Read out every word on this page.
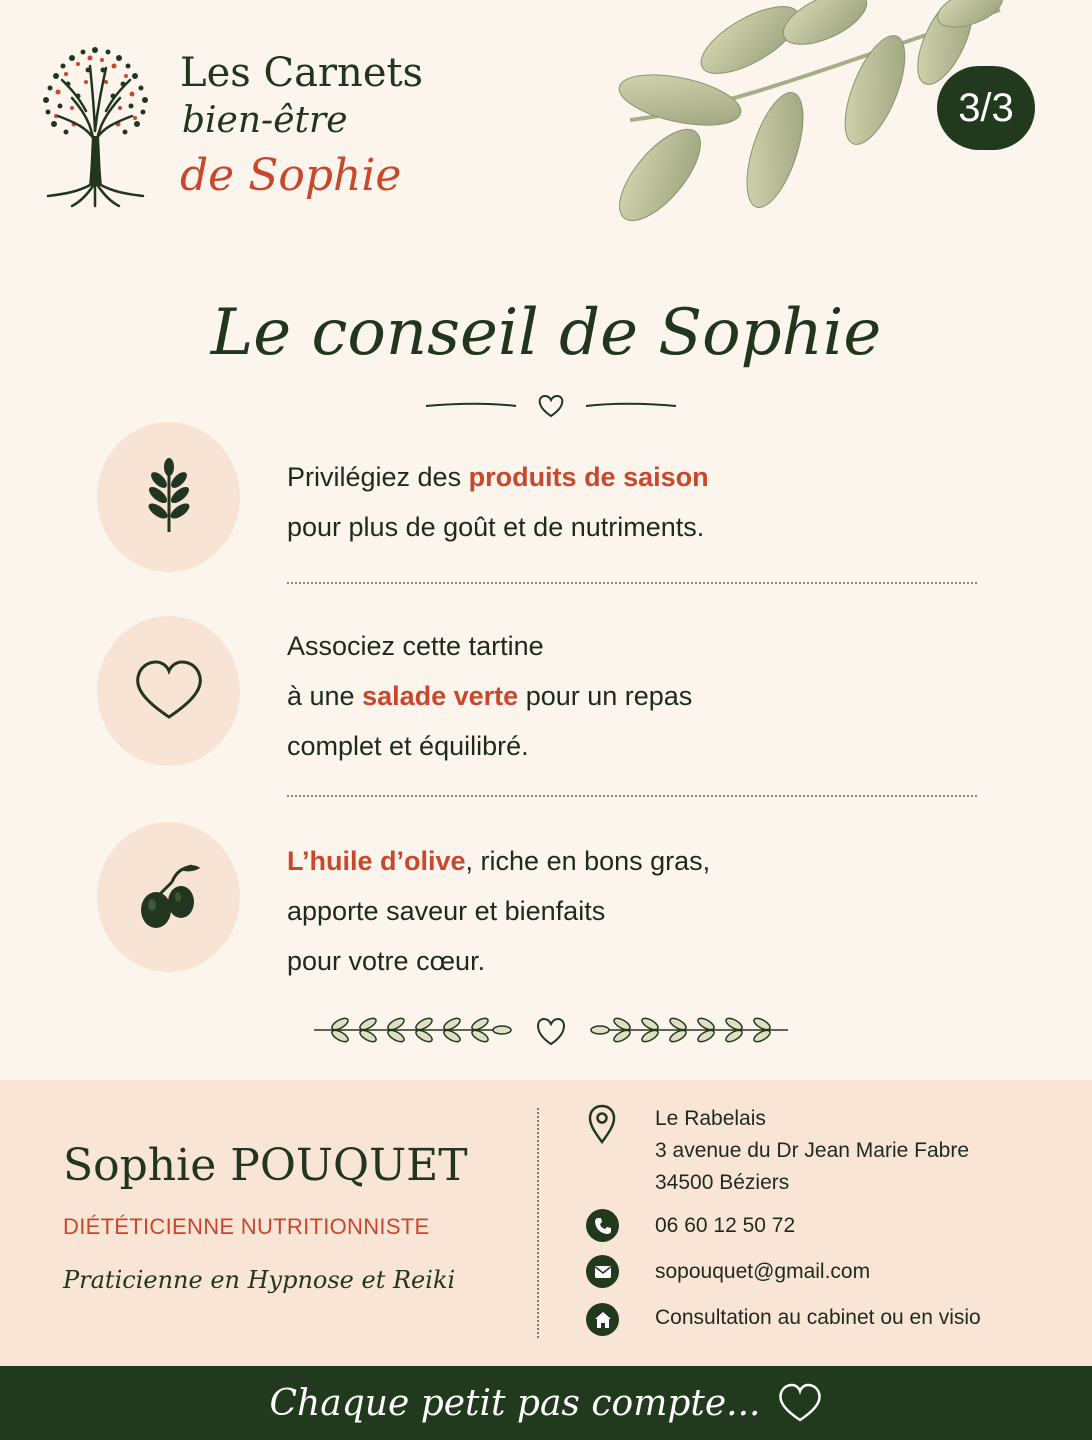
Les Carnets
bien-être
de Sophie
3/3
Le conseil de Sophie
Privilégiez des produits de saison
pour plus de goût et de nutriments.
Associez cette tartine
à une salade verte pour un repas
complet et équilibré.
L’huile d’olive, riche en bons gras,
apporte saveur et bienfaits
pour votre cœur.
Sophie POUQUET
DIÉTÉTICIENNE NUTRITIONNISTE
Praticienne en Hypnose et Reiki
Le Rabelais
3 avenue du Dr Jean Marie Fabre
34500 Béziers
06 60 12 50 72
sopouquet@gmail.com
Consultation au cabinet ou en visio
Chaque petit pas compte...
